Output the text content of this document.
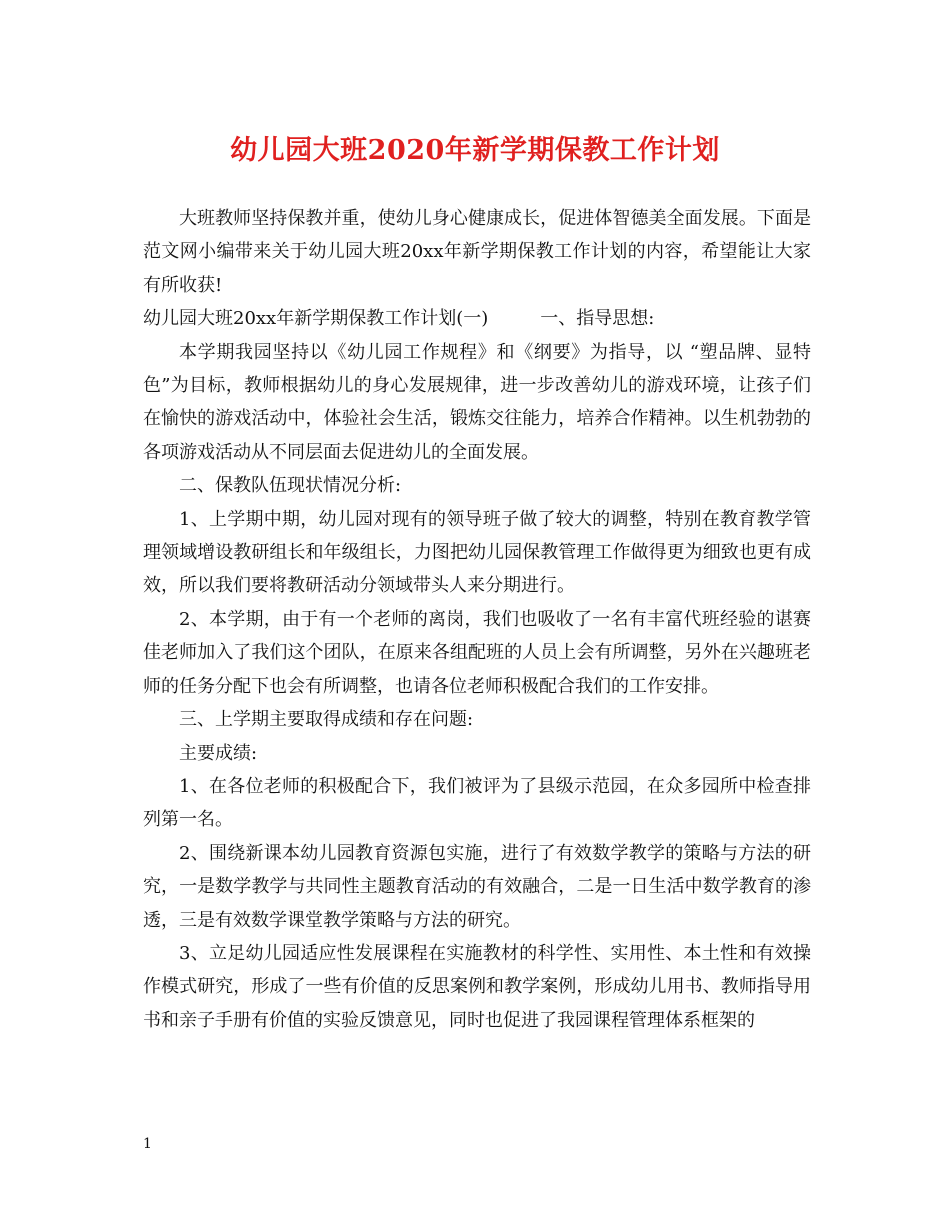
幼儿园大班2020年新学期保教工作计划

大班教师坚持保教并重，使幼儿身心健康成长，促进体智德美全面发展。下面是范文网小编带来关于幼儿园大班20xx年新学期保教工作计划的内容，希望能让大家有所收获!

幼儿园大班20xx年新学期保教工作计划(一)	一、指导思想:

本学期我园坚持以《幼儿园工作规程》和《纲要》为指导，以 “塑品牌、显特色”为目标，教师根据幼儿的身心发展规律，进一步改善幼儿的游戏环境，让孩子们在愉快的游戏活动中，体验社会生活，锻炼交往能力，培养合作精神。以生机勃勃的各项游戏活动从不同层面去促进幼儿的全面发展。

二、保教队伍现状情况分析:

1、上学期中期，幼儿园对现有的领导班子做了较大的调整，特别在教育教学管理领域增设教研组长和年级组长，力图把幼儿园保教管理工作做得更为细致也更有成效，所以我们要将教研活动分领域带头人来分期进行。

2、本学期，由于有一个老师的离岗，我们也吸收了一名有丰富代班经验的谌赛佳老师加入了我们这个团队，在原来各组配班的人员上会有所调整，另外在兴趣班老师的任务分配下也会有所调整，也请各位老师积极配合我们的工作安排。

三、上学期主要取得成绩和存在问题:

主要成绩:

1、在各位老师的积极配合下，我们被评为了县级示范园，在众多园所中检查排列第一名。

2、围绕新课本幼儿园教育资源包实施，进行了有效数学教学的策略与方法的研究，一是数学教学与共同性主题教育活动的有效融合，二是一日生活中数学教育的渗透，三是有效数学课堂教学策略与方法的研究。

3、立足幼儿园适应性发展课程在实施教材的科学性、实用性、本土性和有效操作模式研究，形成了一些有价值的反思案例和教学案例，形成幼儿用书、教师指导用书和亲子手册有价值的实验反馈意见，同时也促进了我园课程管理体系框架的

1
